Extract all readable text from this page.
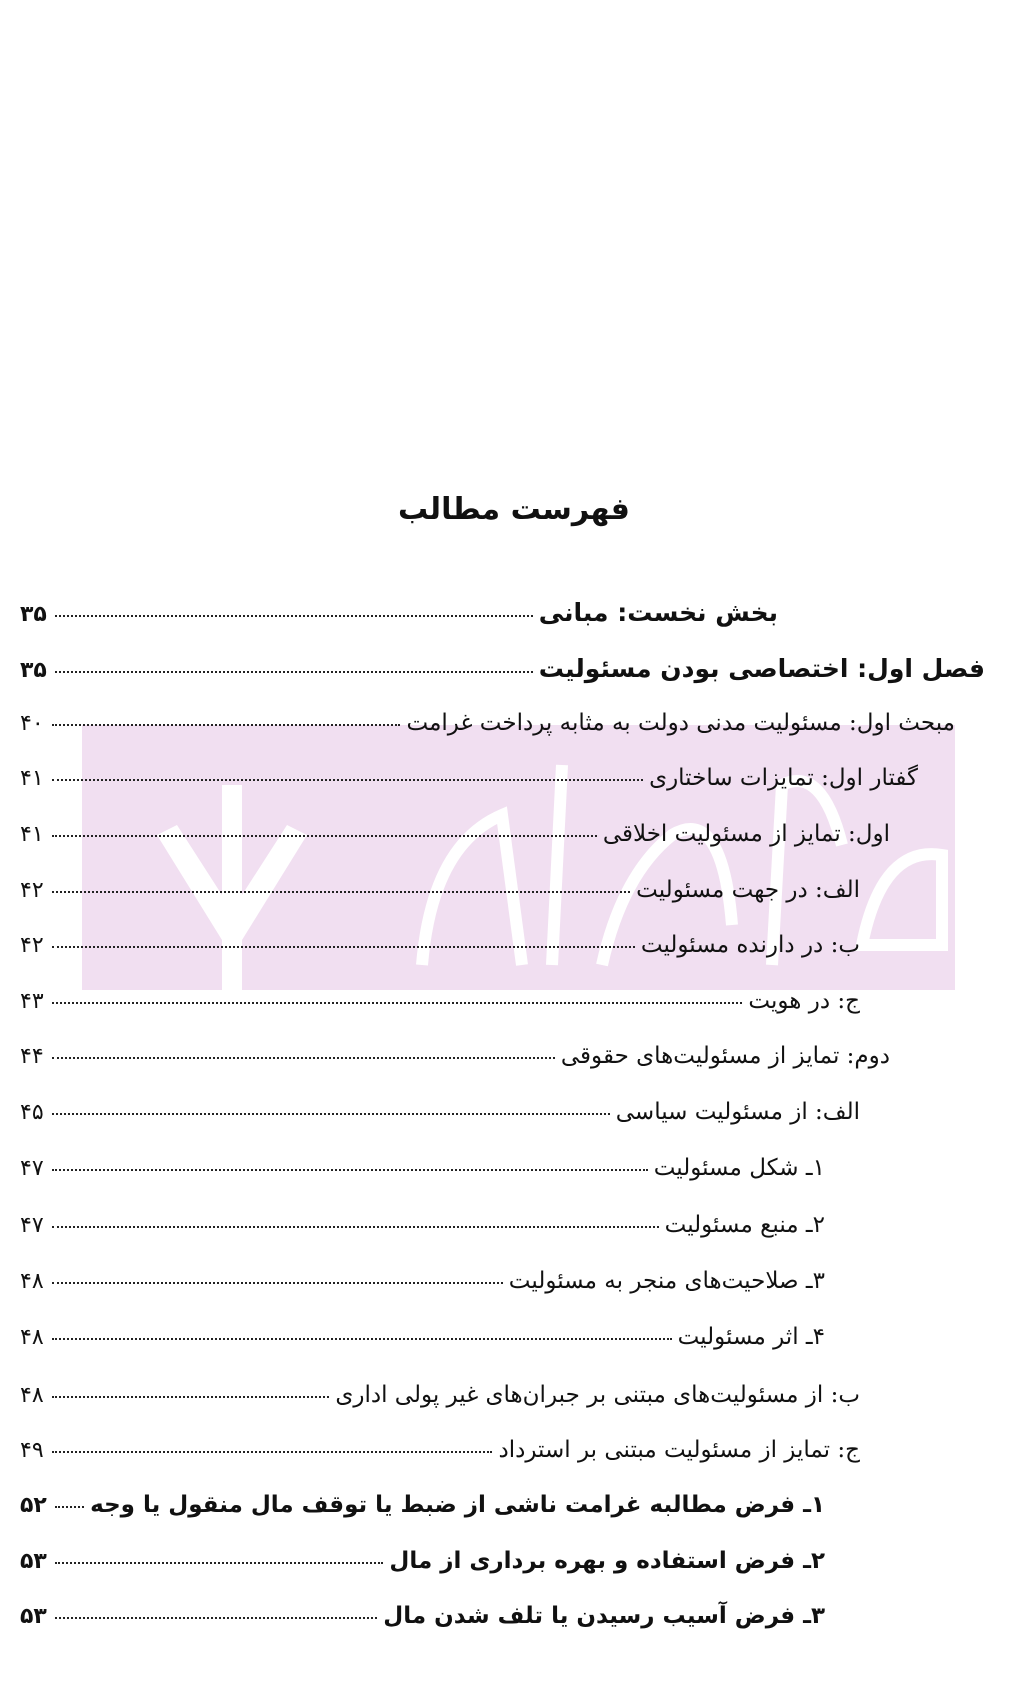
فهرست مطالب
بخش نخست: مبانی
۳۵
فصل اول: اختصاصی بودن مسئولیت
۳۵
مبحث اول: مسئولیت مدنی دولت به مثابه پرداخت غرامت
۴۰
گفتار اول: تمایزات ساختاری
۴۱
اول: تمایز از مسئولیت اخلاقی
۴۱
الف: در جهت مسئولیت
۴۲
ب: در دارنده مسئولیت
۴۲
ج: در هویت
۴۳
دوم: تمایز از مسئولیت‌های حقوقی
۴۴
الف: از مسئولیت سیاسی
۴۵
۱ـ شکل مسئولیت
۴۷
۲ـ منبع مسئولیت
۴۷
۳ـ صلاحیت‌های منجر به مسئولیت
۴۸
۴ـ اثر مسئولیت
۴۸
ب: از مسئولیت‌های مبتنی بر جبران‌های غیر پولی اداری
۴۸
ج: تمایز از مسئولیت مبتنی بر استرداد
۴۹
۱ـ فرض مطالبه غرامت ناشی از ضبط یا توقف مال منقول یا وجه
۵۲
۲ـ فرض استفاده و بهره برداری از مال
۵۳
۳ـ فرض آسیب رسیدن یا تلف شدن مال
۵۳
